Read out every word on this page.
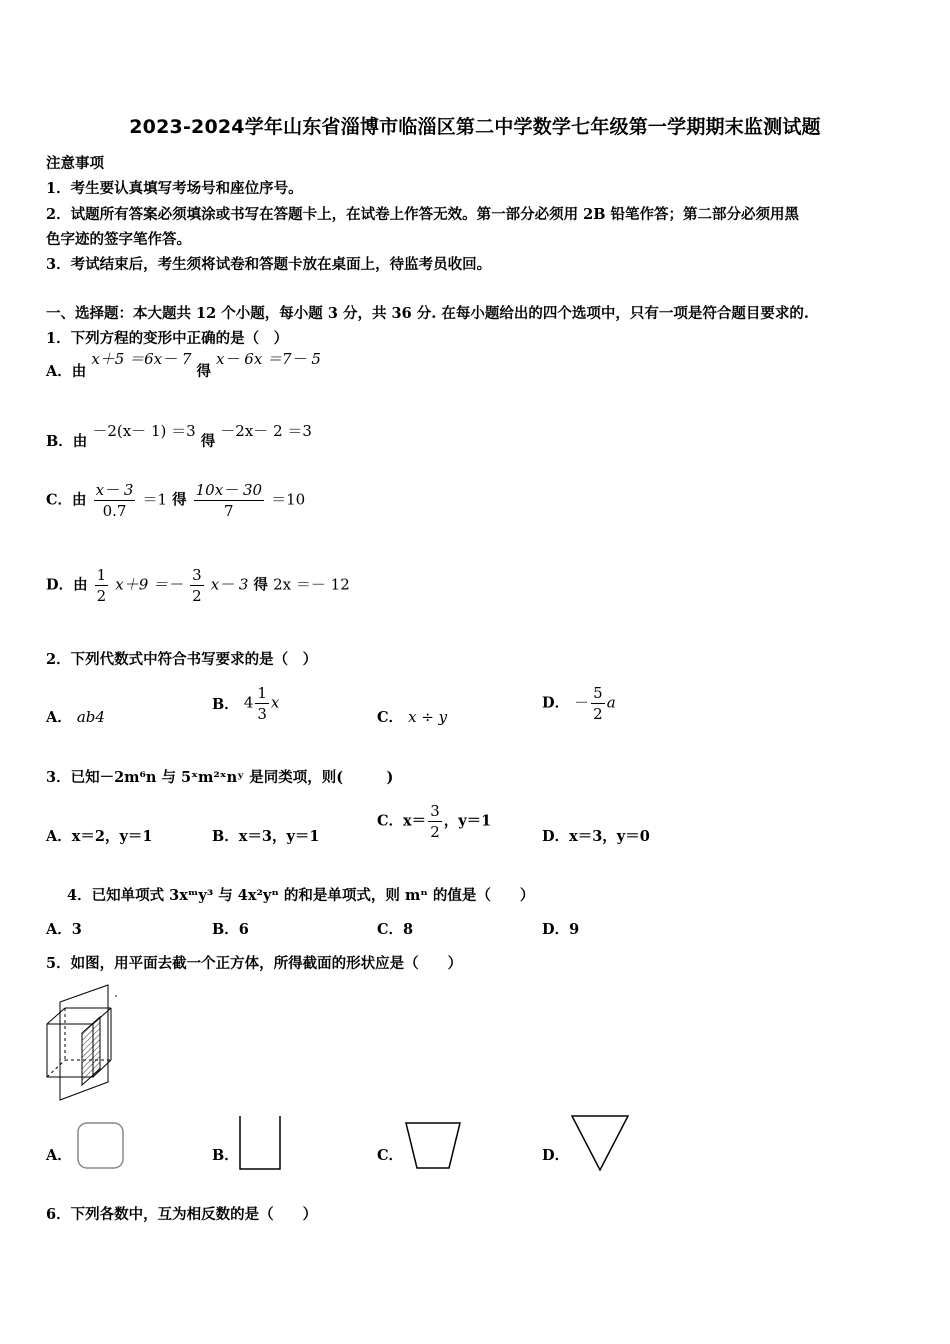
2023-2024学年山东省淄博市临淄区第二中学数学七年级第一学期期末监测试题
注意事项
1．考生要认真填写考场号和座位序号。
2．试题所有答案必须填涂或书写在答题卡上，在试卷上作答无效。第一部分必须用 2B 铅笔作答；第二部分必须用黑
色字迹的签字笔作答。
3．考试结束后，考生须将试卷和答题卡放在桌面上，待监考员收回。
一、选择题：本大题共 12 个小题，每小题 3 分，共 36 分. 在每小题给出的四个选项中，只有一项是符合题目要求的.
1．下列方程的变形中正确的是（　）
A．由 x＋5 ＝6x－ 7 得 x－ 6x ＝7－ 5
B．由 －2(x－ 1) ＝3 得 －2x－ 2 ＝3
C．由 $\frac{x- 3}{0.7} =1$ 得 $\frac{10x- 30}{7} =10$
D．由 $\frac{1}{2} x+9 =- \frac{3}{2} x- 3$ 得 2x ＝－ 12
2．下列代数式中符合书写要求的是（　）
A． ab4
B． $4 \frac{1}{3}$ x
C． x ÷ y
D． － $\frac{5}{2}$ a
3．已知－2m⁶n 与 5ˣm²ˣnʸ 是同类项，则(　　　)
A．x＝2，y＝1	B．x＝3，y＝1
C．$x= \frac{3}{2}$ ，y＝1
D．x＝3，y＝0
4．已知单项式 3xᵐy³ 与 4x²yⁿ 的和是单项式，则 mⁿ 的值是（　　）
A．3	B．6	C．8	D．9
5．如图，用平面去截一个正方体，所得截面的形状应是（　　）
A．	B．	C．	D．
6．下列各数中，互为相反数的是（　　）
